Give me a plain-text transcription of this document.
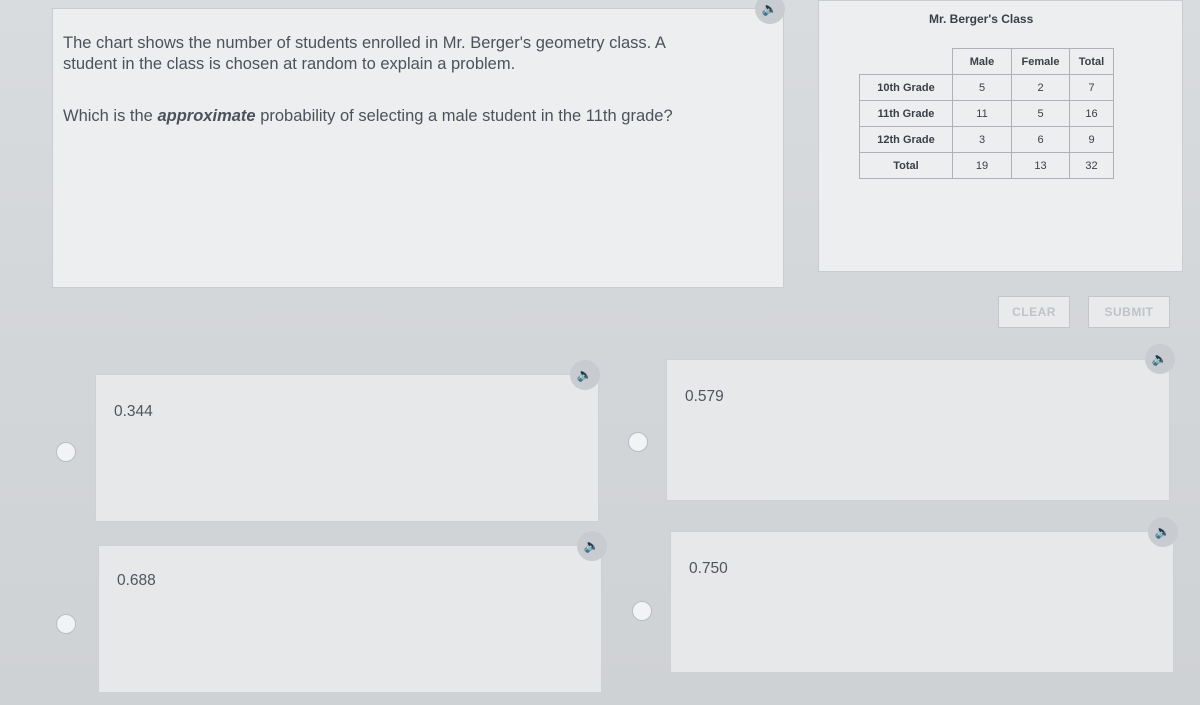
The chart shows the number of students enrolled in Mr. Berger's geometry class. A
student in the class is chosen at random to explain a problem.
Which is the approximate probability of selecting a male student in the 11th grade?
🔈
Mr. Berger's Class
	Male	Female	Total
10th Grade	5	2	7
11th Grade	11	5	16
12th Grade	3	6	9
Total	19	13	32
CLEAR	SUBMIT
0.344
🔈
0.579
🔈
0.688
🔈
0.750
🔈
